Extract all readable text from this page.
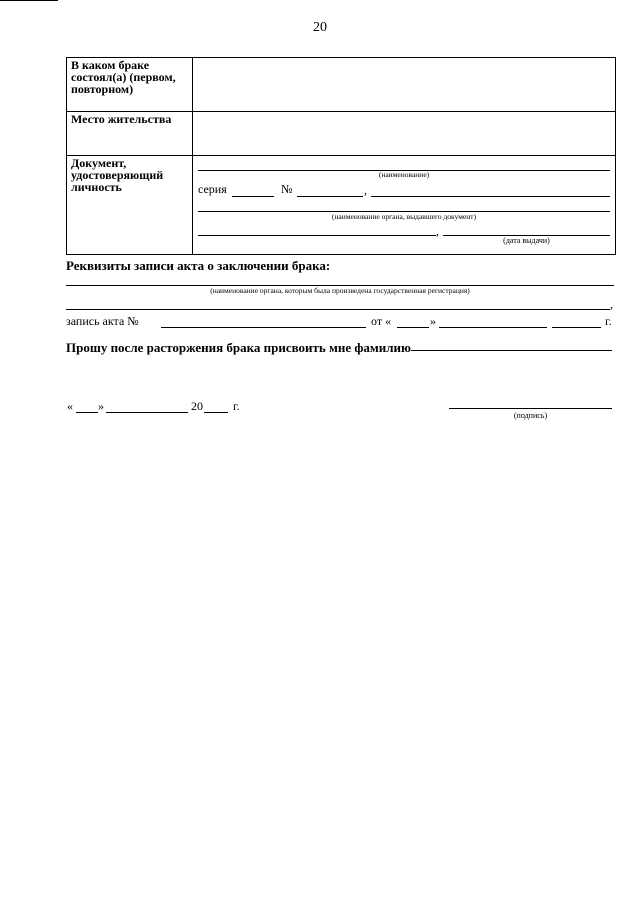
20
В каком браке состоял(а) (первом, повторном)
Место жительства
Документ, удостоверяющий личность
(наименование)
серия	№	,
(наименование органа, выдавшего документ)
,
(дата выдачи)
Реквизиты записи акта о заключении брака:
(наименование органа, которым была произведена государственная регистрация)
,
запись акта №	от «	»	г.
Прошу после расторжения брака присвоить мне фамилию
« »	20	г.
(подпись)
